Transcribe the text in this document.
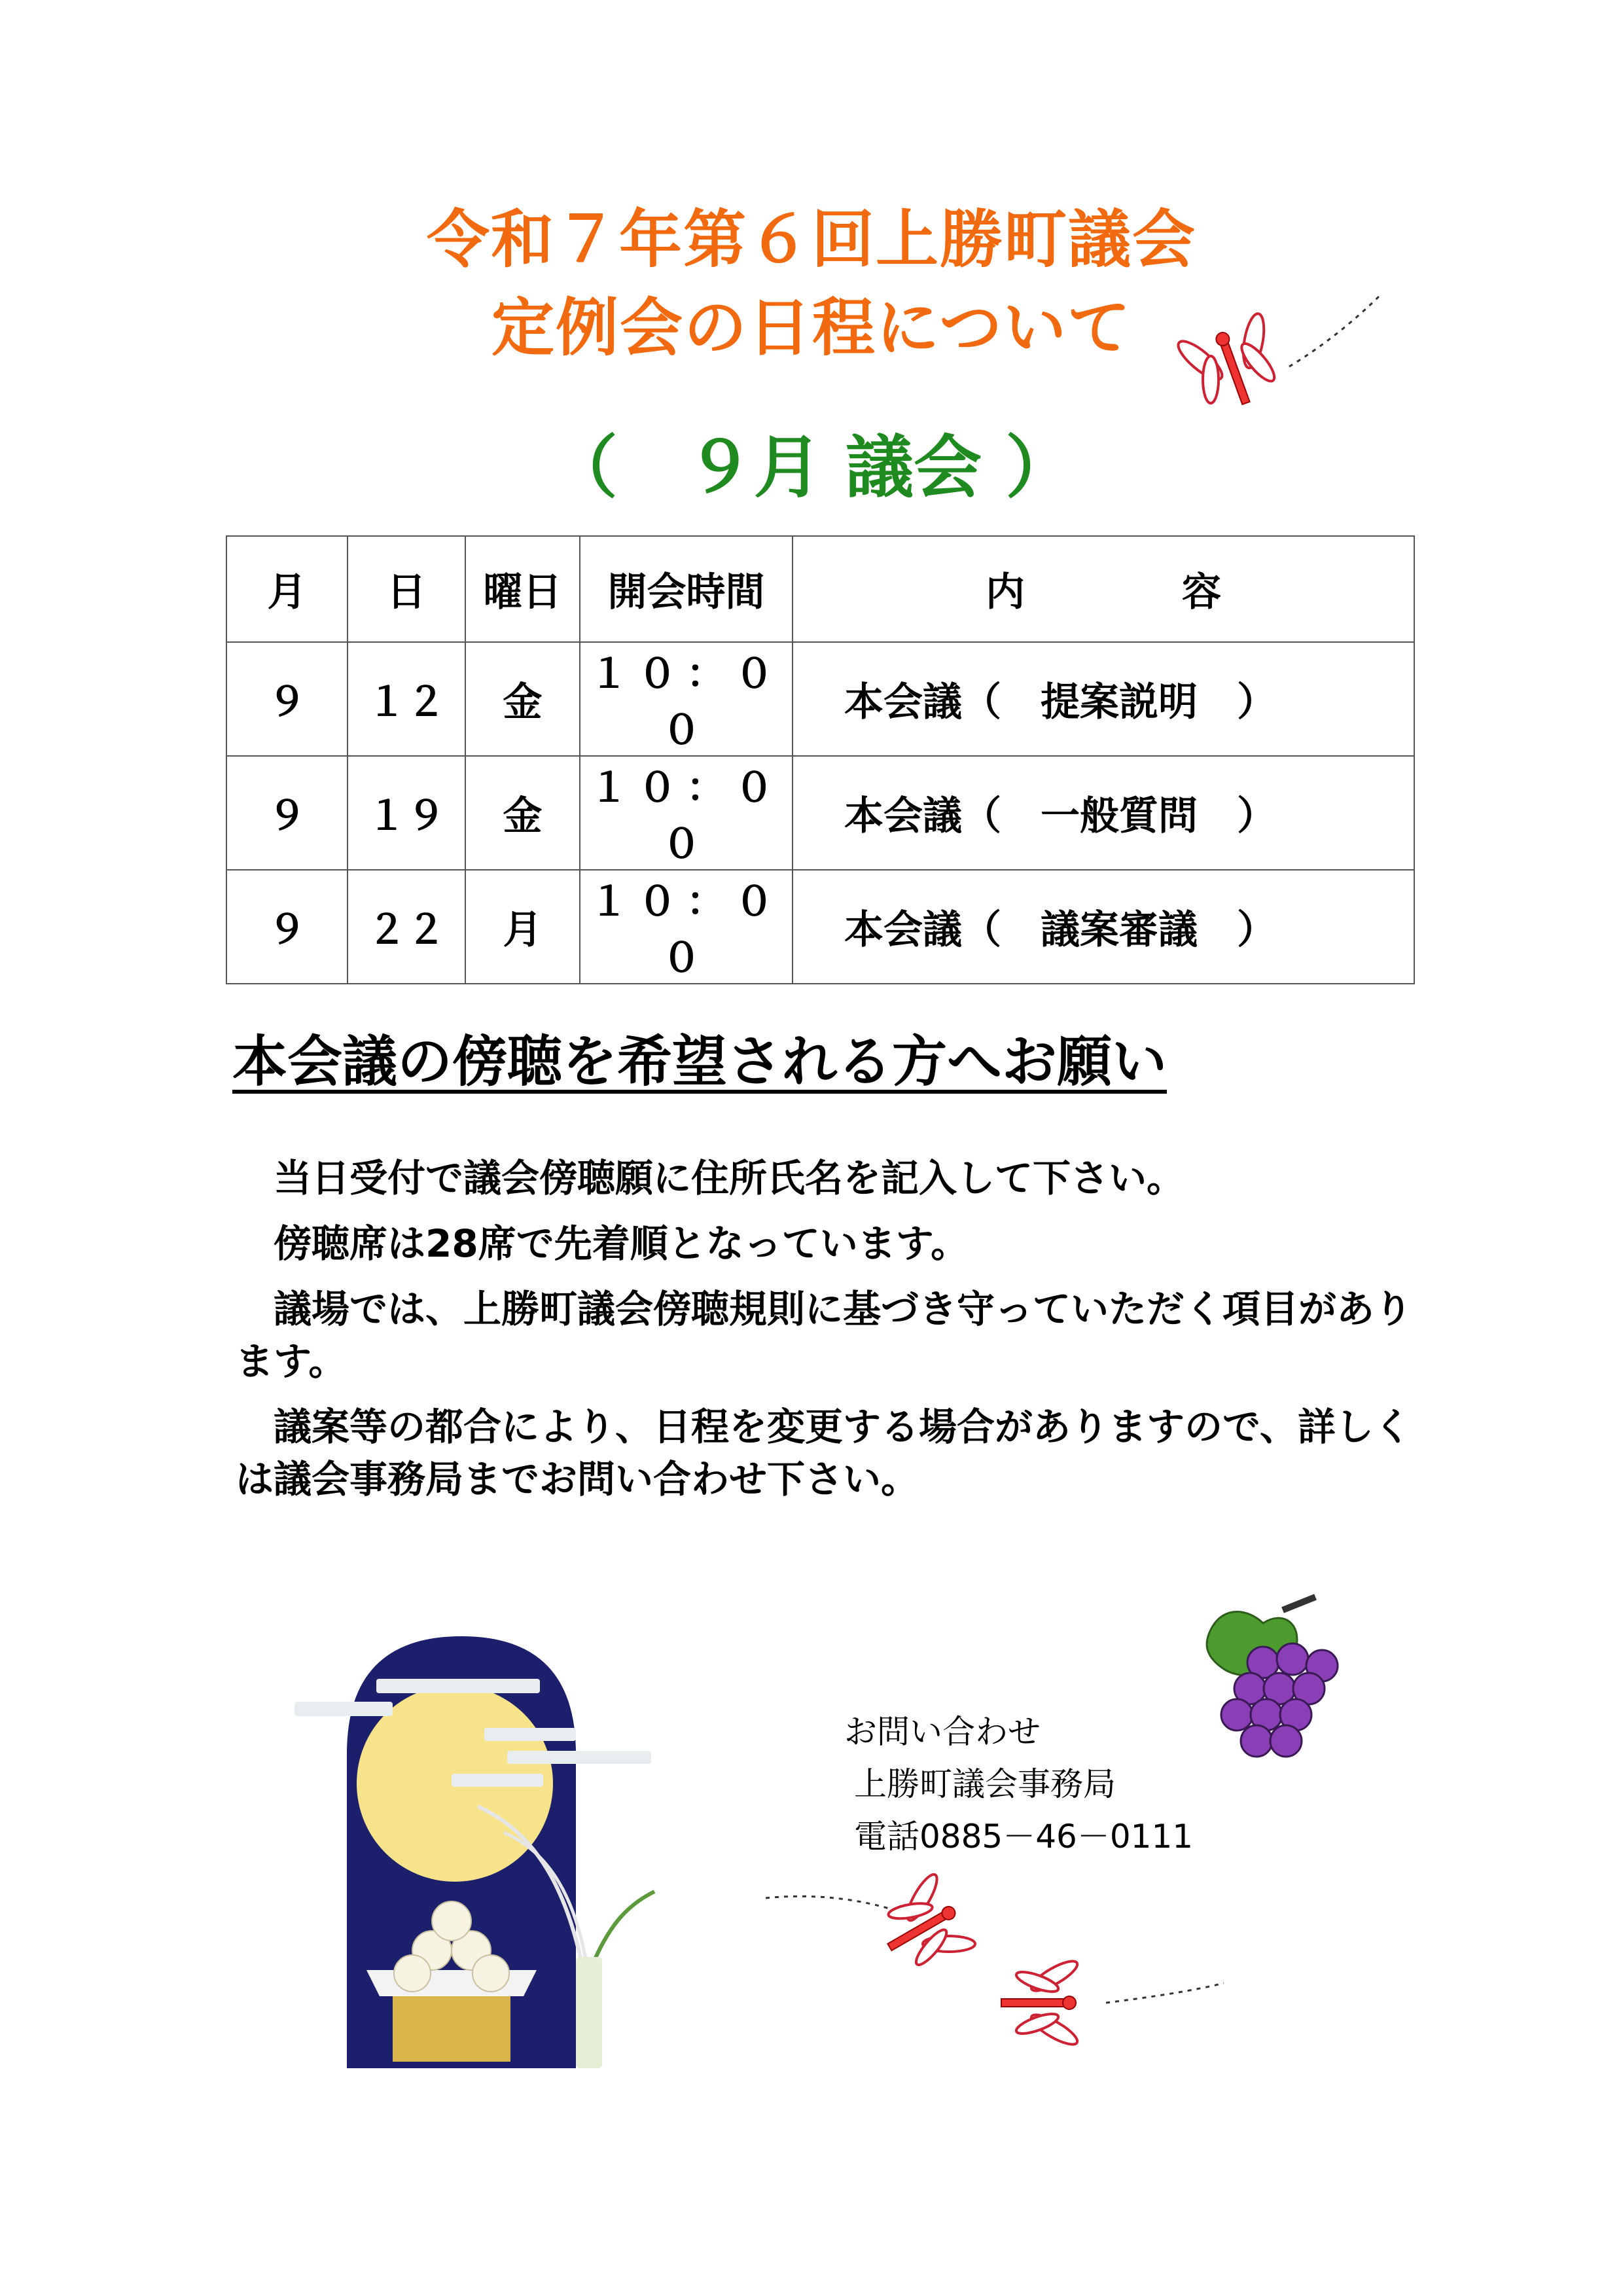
令和７年第６回上勝町議会
定例会の日程について
（　９月 議会 ）
月	日	曜日	開会時間	内　　　　容
９	１２	金	１０：００	本会議（　提案説明　）
９	１９	金	１０：００	本会議（　一般質問　）
９	２２	月	１０：００	本会議（　議案審議　）
本会議の傍聴を希望される方へお願い
　当日受付で議会傍聴願に住所氏名を記入して下さい。
　傍聴席は28席で先着順となっています。
　議場では、上勝町議会傍聴規則に基づき守っていただく項目があります。
　議案等の都合により、日程を変更する場合がありますので、詳しくは議会事務局までお問い合わせ下さい。
お問い合わせ
上勝町議会事務局
電話0885－46－0111
